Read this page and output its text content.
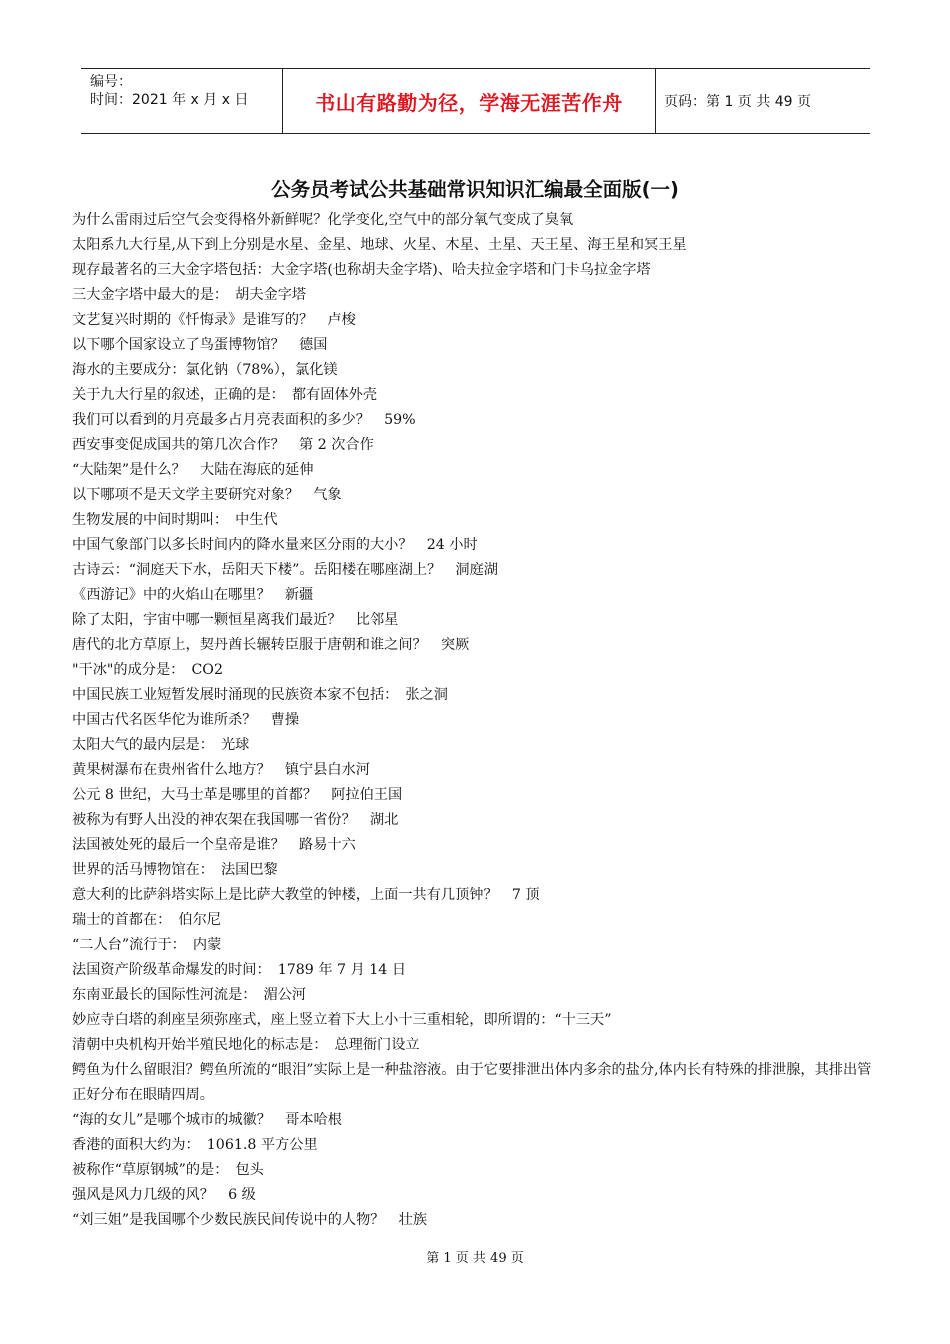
编号：
时间：2021 年 x 月 x 日	书山有路勤为径，学海无涯苦作舟	页码：第 1 页 共 49 页
公务员考试公共基础常识知识汇编最全面版(一)
为什么雷雨过后空气会变得格外新鲜呢？化学变化,空气中的部分氧气变成了臭氧
太阳系九大行星,从下到上分别是水星、金星、地球、火星、木星、土星、天王星、海王星和冥王星
现存最著名的三大金字塔包括：大金字塔(也称胡夫金字塔)、哈夫拉金字塔和门卡乌拉金字塔
三大金字塔中最大的是：　胡夫金字塔
文艺复兴时期的《忏悔录》是谁写的？　卢梭
以下哪个国家设立了鸟蛋博物馆？　德国
海水的主要成分：氯化钠（78%），氯化镁
关于九大行星的叙述，正确的是：　都有固体外壳
我们可以看到的月亮最多占月亮表面积的多少？　59%
西安事变促成国共的第几次合作？　第 2 次合作
“大陆架”是什么？　大陆在海底的延伸
以下哪项不是天文学主要研究对象？　气象
生物发展的中间时期叫：　中生代
中国气象部门以多长时间内的降水量来区分雨的大小？　24 小时
古诗云：“洞庭天下水，岳阳天下楼”。岳阳楼在哪座湖上？　洞庭湖
《西游记》中的火焰山在哪里？　新疆
除了太阳，宇宙中哪一颗恒星离我们最近？　比邻星
唐代的北方草原上，契丹酋长辗转臣服于唐朝和谁之间？　突厥
"干冰"的成分是：　CO2
中国民族工业短暂发展时涌现的民族资本家不包括：　张之洞
中国古代名医华佗为谁所杀？　曹操
太阳大气的最内层是：　光球
黄果树瀑布在贵州省什么地方？　镇宁县白水河
公元 8 世纪，大马士革是哪里的首都？　阿拉伯王国
被称为有野人出没的神农架在我国哪一省份？　湖北
法国被处死的最后一个皇帝是谁？　路易十六
世界的活马博物馆在：　法国巴黎
意大利的比萨斜塔实际上是比萨大教堂的钟楼，上面一共有几顶钟？　7 顶
瑞士的首都在：　伯尔尼
“二人台”流行于：　内蒙
法国资产阶级革命爆发的时间：　1789 年 7 月 14 日
东南亚最长的国际性河流是：　湄公河
妙应寺白塔的刹座呈须弥座式，座上竖立着下大上小十三重相轮，即所谓的：“十三天”
清朝中央机构开始半殖民地化的标志是：　总理衙门设立
鳄鱼为什么留眼泪？鳄鱼所流的“眼泪”实际上是一种盐溶液。由于它要排泄出体内多余的盐分,体内长有特殊的排泄腺，其排出管正好分布在眼睛四周。
“海的女儿”是哪个城市的城徽？　哥本哈根
香港的面积大约为：　1061.8 平方公里
被称作“草原钢城”的是：　包头
强风是风力几级的风？　6 级
“刘三姐”是我国哪个少数民族民间传说中的人物？　壮族
第 1 页 共 49 页
